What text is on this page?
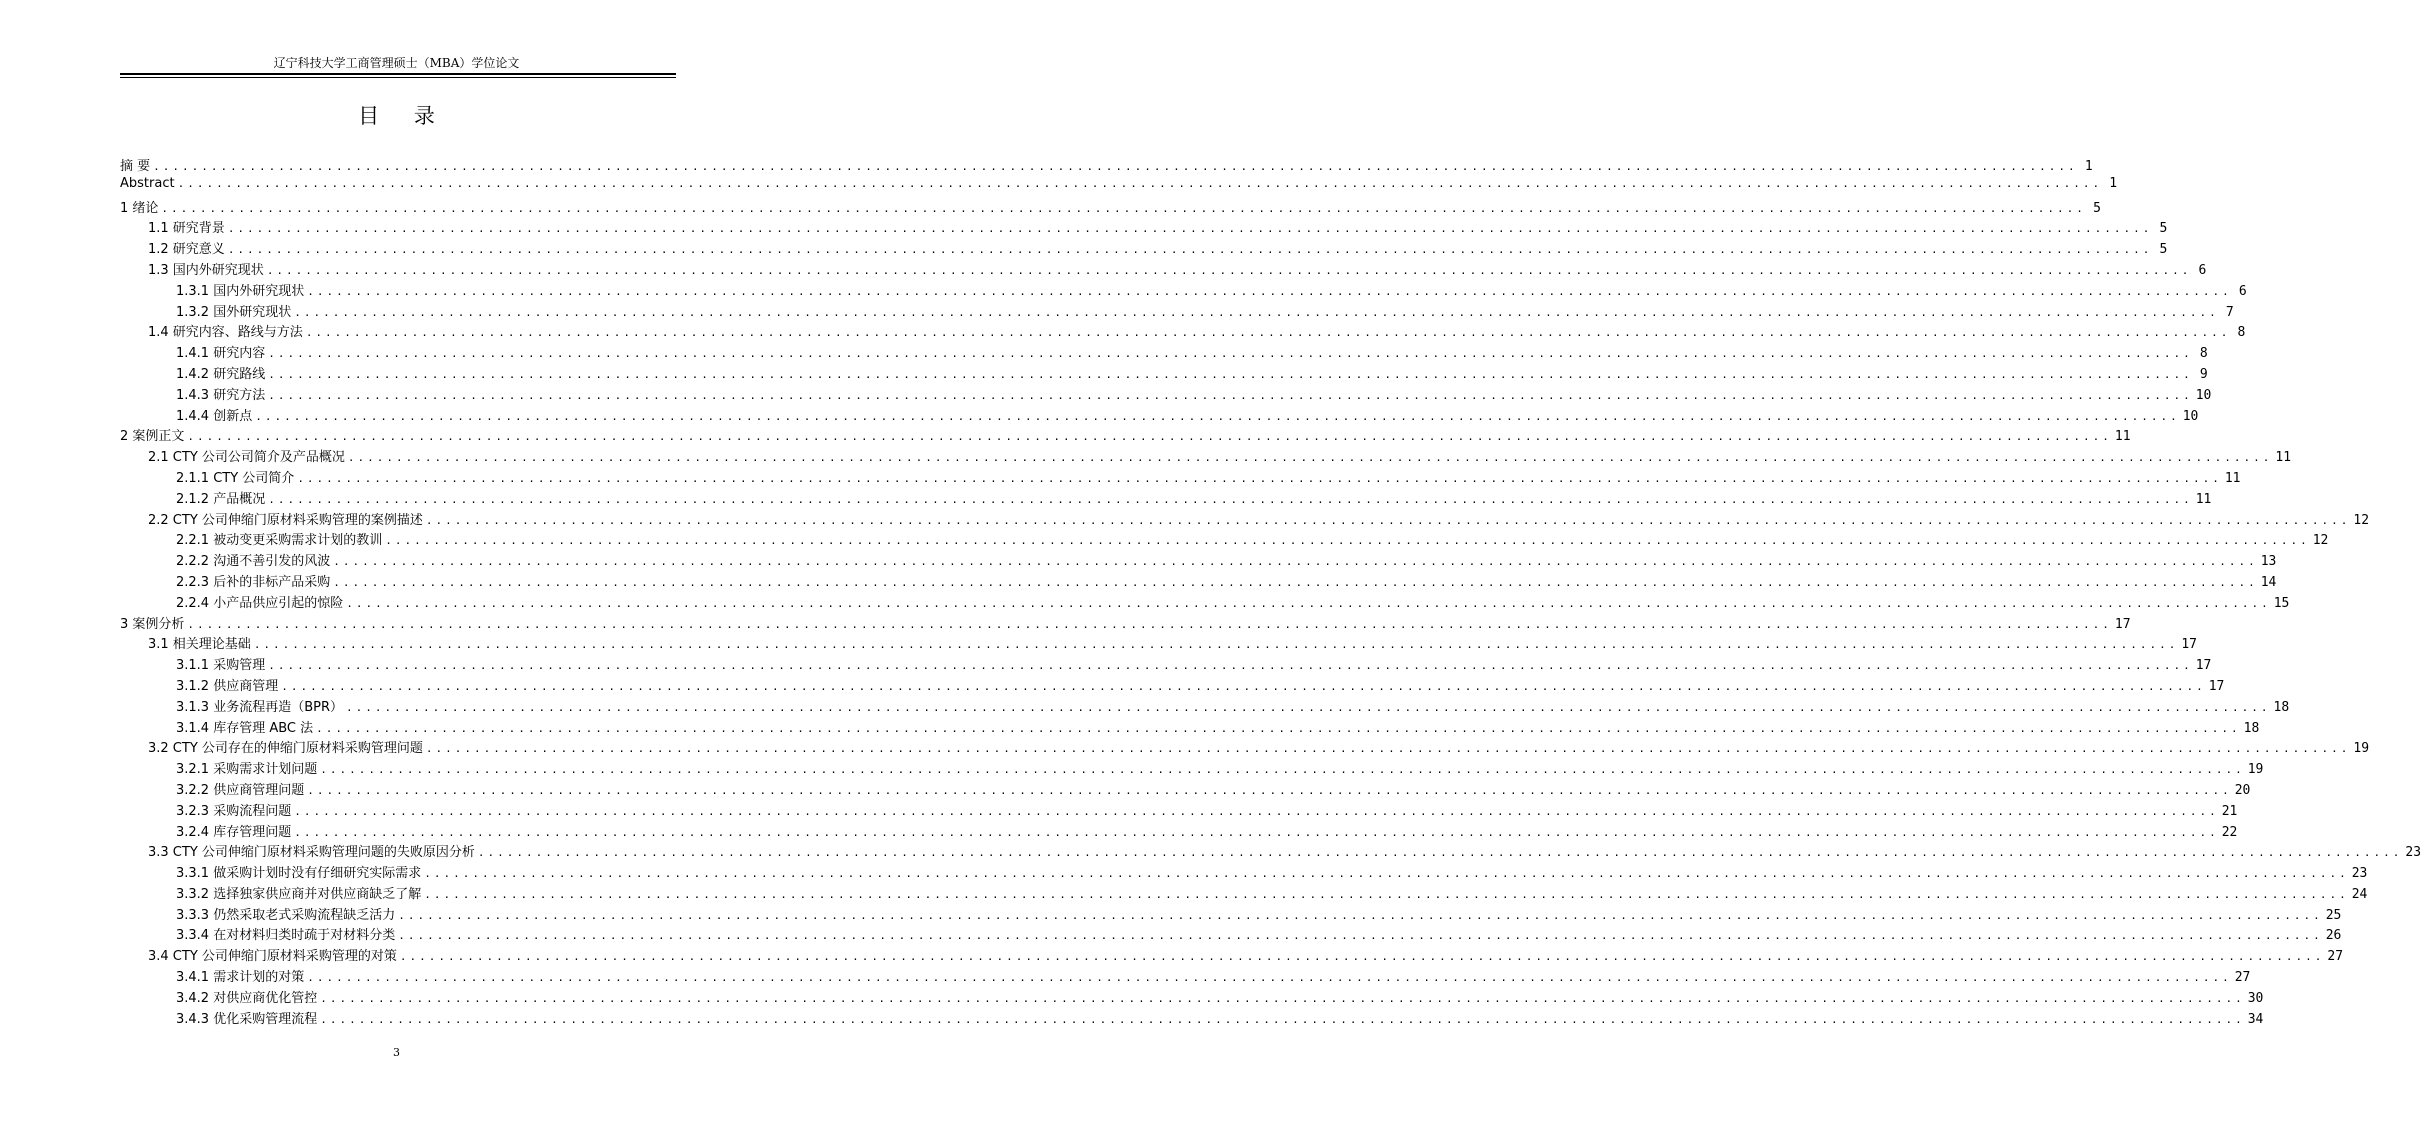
辽宁科技大学工商管理硕士（MBA）学位论文
目 录
摘 要 ........................................................................................................................................................................................................ 1
Abstract ........................................................................................................................................................................................................ 1
1 绪论 ........................................................................................................................................................................................................ 5
1.1 研究背景 ........................................................................................................................................................................................................ 5
1.2 研究意义 ........................................................................................................................................................................................................ 5
1.3 国内外研究现状 ........................................................................................................................................................................................................ 6
1.3.1 国内外研究现状 ........................................................................................................................................................................................................ 6
1.3.2 国外研究现状 ........................................................................................................................................................................................................ 7
1.4 研究内容、路线与方法 ........................................................................................................................................................................................................ 8
1.4.1 研究内容 ........................................................................................................................................................................................................ 8
1.4.2 研究路线 ........................................................................................................................................................................................................ 9
1.4.3 研究方法 ........................................................................................................................................................................................................ 10
1.4.4 创新点 ........................................................................................................................................................................................................ 10
2 案例正文 ........................................................................................................................................................................................................ 11
2.1 CTY 公司公司简介及产品概况 ........................................................................................................................................................................................................ 11
2.1.1 CTY 公司简介 ........................................................................................................................................................................................................ 11
2.1.2 产品概况 ........................................................................................................................................................................................................ 11
2.2 CTY 公司伸缩门原材料采购管理的案例描述 ........................................................................................................................................................................................................ 12
2.2.1 被动变更采购需求计划的教训 ........................................................................................................................................................................................................ 12
2.2.2 沟通不善引发的风波 ........................................................................................................................................................................................................ 13
2.2.3 后补的非标产品采购 ........................................................................................................................................................................................................ 14
2.2.4 小产品供应引起的惊险 ........................................................................................................................................................................................................ 15
3 案例分析 ........................................................................................................................................................................................................ 17
3.1 相关理论基础 ........................................................................................................................................................................................................ 17
3.1.1 采购管理 ........................................................................................................................................................................................................ 17
3.1.2 供应商管理 ........................................................................................................................................................................................................ 17
3.1.3 业务流程再造（BPR） ........................................................................................................................................................................................................ 18
3.1.4 库存管理 ABC 法 ........................................................................................................................................................................................................ 18
3.2 CTY 公司存在的伸缩门原材料采购管理问题 ........................................................................................................................................................................................................ 19
3.2.1 采购需求计划问题 ........................................................................................................................................................................................................ 19
3.2.2 供应商管理问题 ........................................................................................................................................................................................................ 20
3.2.3 采购流程问题 ........................................................................................................................................................................................................ 21
3.2.4 库存管理问题 ........................................................................................................................................................................................................ 22
3.3 CTY 公司伸缩门原材料采购管理问题的失败原因分析 ........................................................................................................................................................................................................ 23
3.3.1 做采购计划时没有仔细研究实际需求 ........................................................................................................................................................................................................ 23
3.3.2 选择独家供应商并对供应商缺乏了解 ........................................................................................................................................................................................................ 24
3.3.3 仍然采取老式采购流程缺乏活力 ........................................................................................................................................................................................................ 25
3.3.4 在对材料归类时疏于对材料分类 ........................................................................................................................................................................................................ 26
3.4 CTY 公司伸缩门原材料采购管理的对策 ........................................................................................................................................................................................................ 27
3.4.1 需求计划的对策 ........................................................................................................................................................................................................ 27
3.4.2 对供应商优化管控 ........................................................................................................................................................................................................ 30
3.4.3 优化采购管理流程 ........................................................................................................................................................................................................ 34
3
